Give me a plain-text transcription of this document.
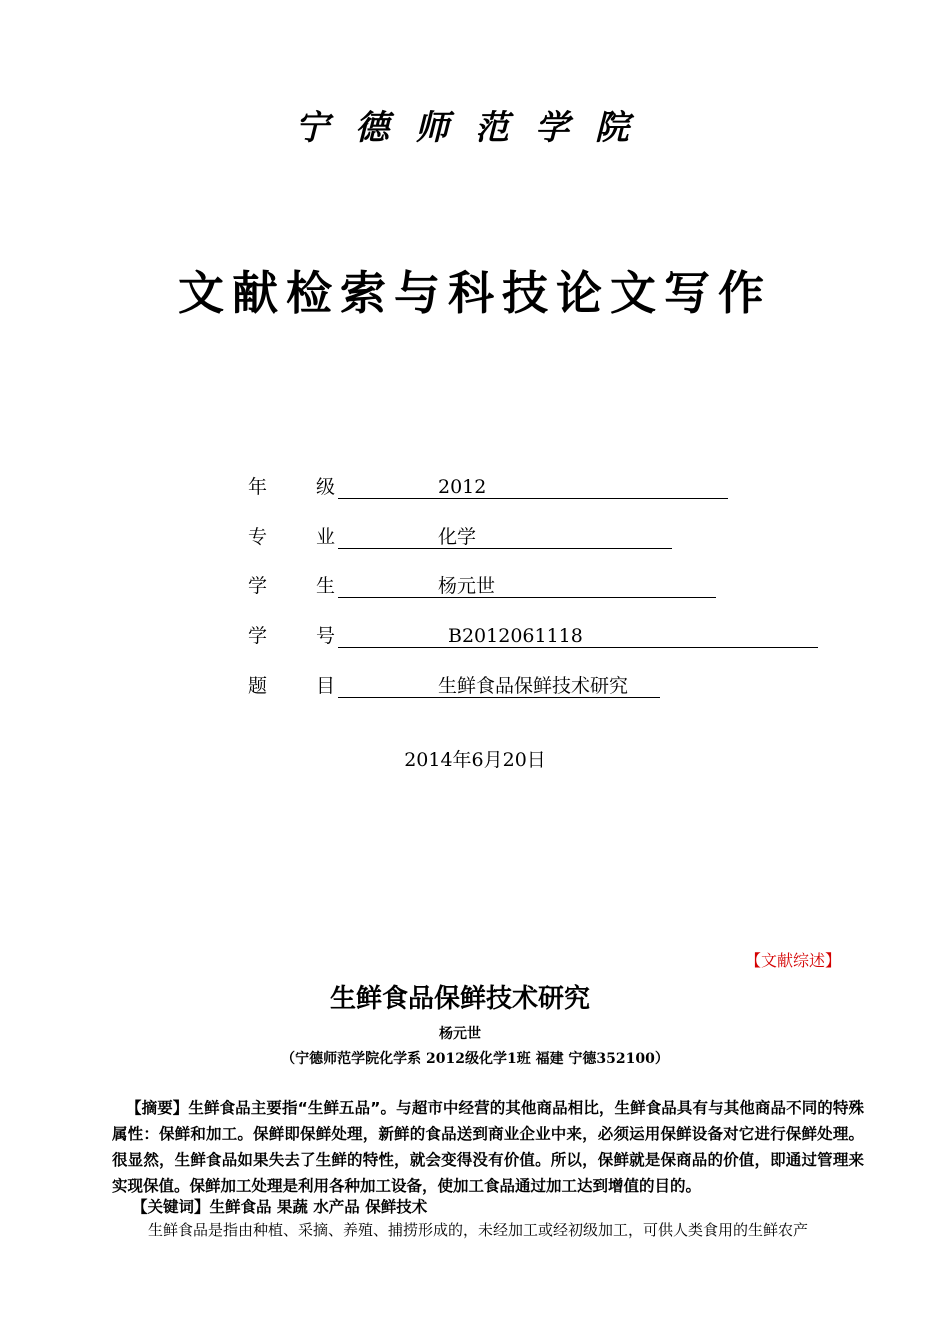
宁德师范学院
文献检索与科技论文写作
年	级	2012
专	业	化学
学	生	杨元世
学	号	B2012061118
题	目	生鲜食品保鲜技术研究
2014年6月20日
【文献综述】
生鲜食品保鲜技术研究
杨元世
（宁德师范学院化学系 2012级化学1班 福建 宁德352100）
【摘要】生鲜食品主要指“生鲜五品”。与超市中经营的其他商品相比，生鲜食品具有与其他商品不同的特殊属性：保鲜和加工。保鲜即保鲜处理，新鲜的食品送到商业企业中来，必须运用保鲜设备对它进行保鲜处理。很显然，生鲜食品如果失去了生鲜的特性，就会变得没有价值。所以，保鲜就是保商品的价值，即通过管理来实现保值。保鲜加工处理是利用各种加工设备，使加工食品通过加工达到增值的目的。
【关键词】生鲜食品 果蔬 水产品 保鲜技术
生鲜食品是指由种植、采摘、养殖、捕捞形成的，未经加工或经初级加工，可供人类食用的生鲜农产
